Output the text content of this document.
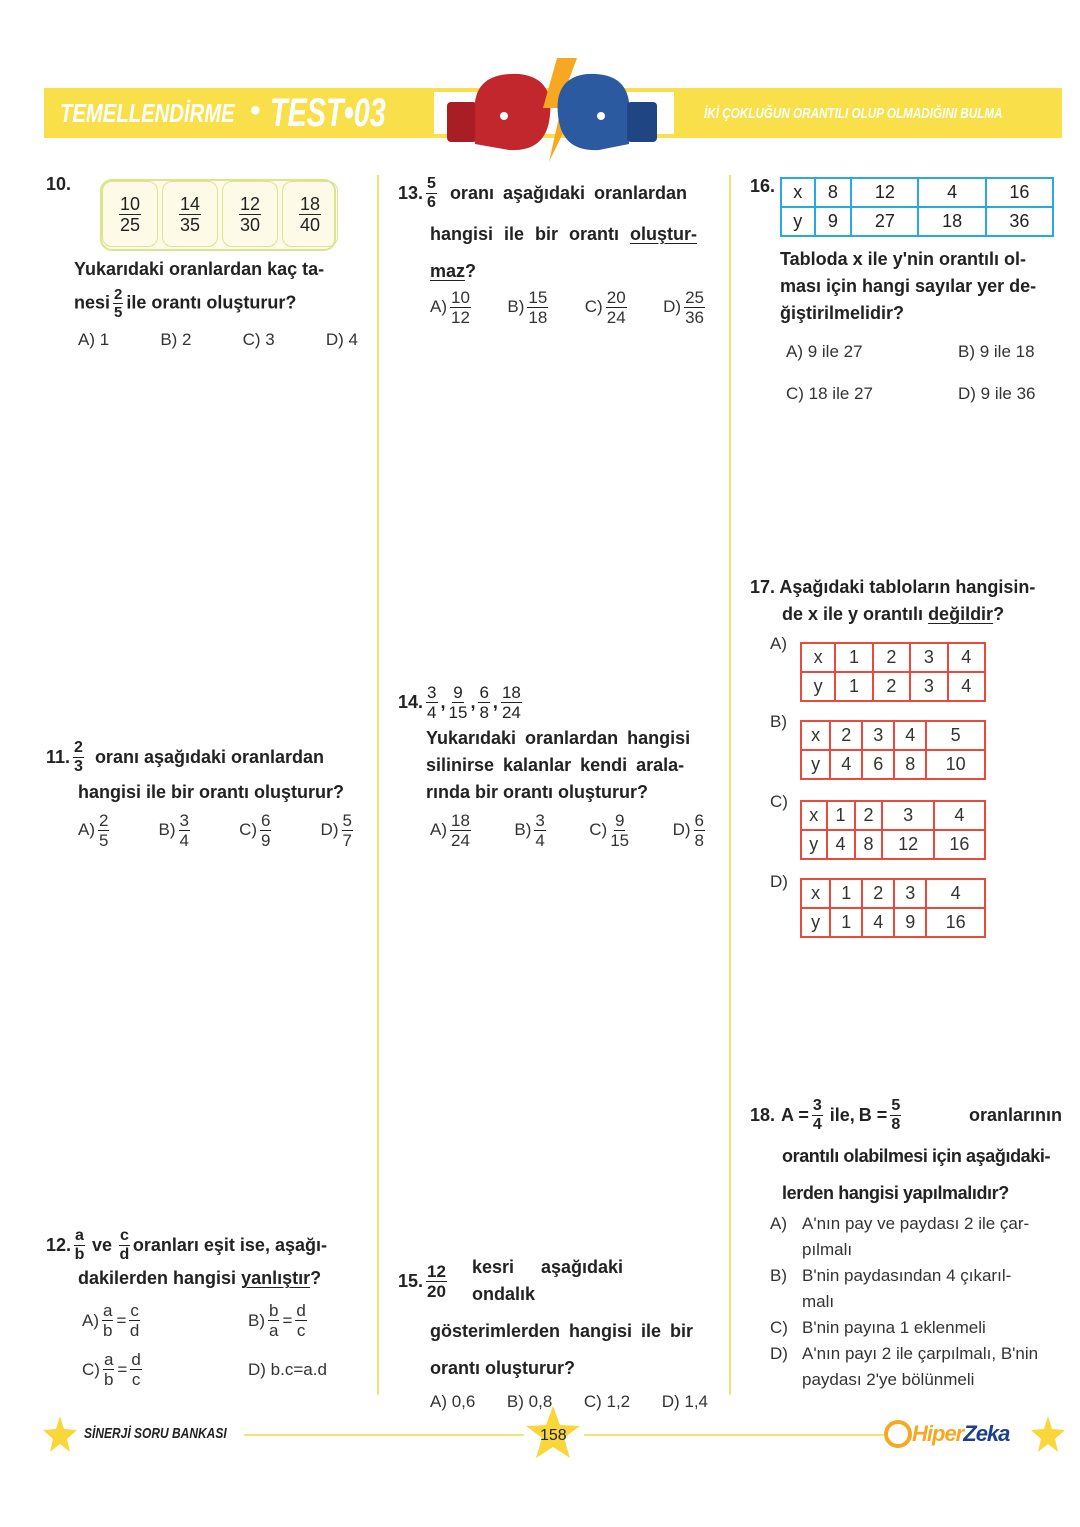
TEMELLENDİRME • TEST•03	İKİ ÇOKLUĞUN ORANTILI OLUP OLMADIĞINI BULMA
10.
$\frac{10}{25} \frac{14}{35} \frac{12}{30} \frac{18}{40}$
Yukarıdaki oranlardan kaç ta-
nesi $\frac{2}{5}$ ile orantı oluşturur?
A) 1	B) 2	C) 3	D) 4
11. $\frac{2}{3}$ oranı aşağıdaki oranlardan
hangisi ile bir orantı oluşturur?
$A) \frac{2}{5}$	$B) \frac{3}{4}$	$C) \frac{6}{9}$	$D) \frac{5}{7}$
12. $\frac{a}{b}$ ve $\frac{c}{d}$ oranları eşit ise, aşağı-
dakilerden hangisi yanlıştır?
$A) \frac{a}{b} = \frac{c}{d}$	$B) \frac{b}{a} = \frac{d}{c}$
$C) \frac{a}{b} = \frac{d}{c}$	D) b.c=a.d
13. $\frac{5}{6}$ oranı aşağıdaki oranlardan
hangisi ile bir orantı oluştur-
maz?
$A) \frac{10}{12} B) \frac{15}{18} C) \frac{20}{24} D) \frac{25}{36}$
14. $\frac{3}{4}$ , $\frac{9}{15}$ , $\frac{6}{8}$ , $\frac{18}{24}$
Yukarıdaki oranlardan hangisi
silinirse kalanlar kendi arala-
rında bir orantı oluşturur?
$A) \frac{18}{24}$	$B) \frac{3}{4}$	$C) \frac{9}{15}$	$D) \frac{6}{8}$
15. $\frac{12}{20}$ kesri aşağıdaki ondalık
gösterimlerden hangisi ile bir
orantı oluşturur?
A) 0,6 B) 0,8 C) 1,2 D) 1,4
16. x	8	12	4	16
y	9	27	18	36
Tabloda x ile y'nin orantılı ol-
ması için hangi sayılar yer de-
ğiştirilmelidir?
A) 9 ile 27	B) 9 ile 18
C) 18 ile 27	D) 9 ile 36
17. Aşağıdaki tabloların hangisin-
de x ile y orantılı değildir?
A)
x	1	2	3	4
y	1	2	3	4
B)
x	2	3	4	5
y	4	6	8	10
C)
x	1	2	3	4
y	4	8	12	16
D)
x	1	2	3	4
y	1	4	9	16
18. $A = \frac{3}{4}$ ile, $B = \frac{5}{8}$	oranlarının
orantılı olabilmesi için aşağıdaki-
lerden hangisi yapılmalıdır?
A) A'nın pay ve paydası 2 ile çar-
pılmalı
B) B'nin paydasından 4 çıkarıl-
malı
C) B'nin payına 1 eklenmeli
D) A'nın payı 2 ile çarpılmalı, B'nin
paydası 2'ye bölünmeli
SİNERJİ SORU BANKASI	158	HiperZeka
